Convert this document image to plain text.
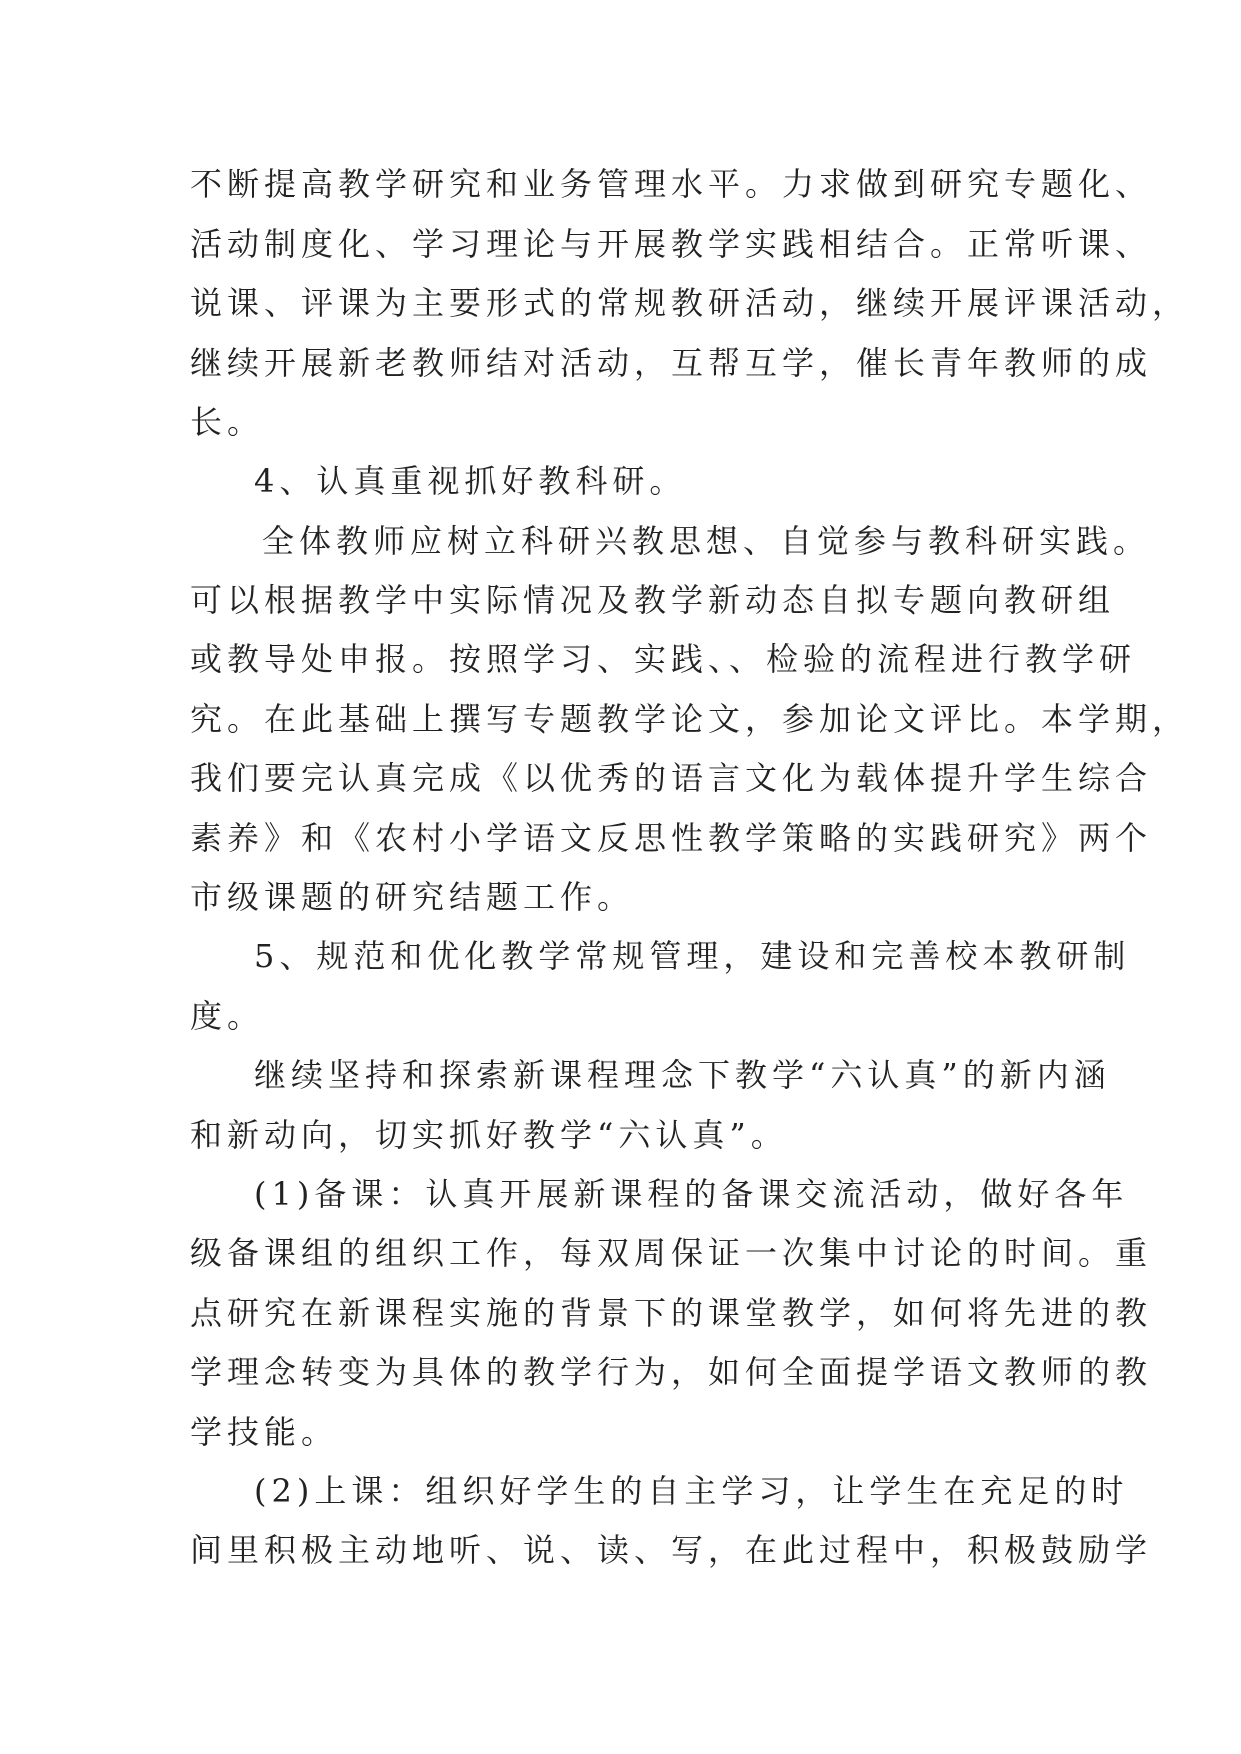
不断提高教学研究和业务管理水平。力求做到研究专题化、
活动制度化、学习理论与开展教学实践相结合。正常听课、
说课、评课为主要形式的常规教研活动，继续开展评课活动，
继续开展新老教师结对活动，互帮互学，催长青年教师的成
长。
4、认真重视抓好教科研。
全体教师应树立科研兴教思想、自觉参与教科研实践。
可以根据教学中实际情况及教学新动态自拟专题向教研组
或教导处申报。按照学习、实践、、检验的流程进行教学研
究。在此基础上撰写专题教学论文，参加论文评比。本学期，
我们要完认真完成《以优秀的语言文化为载体提升学生综合
素养》和《农村小学语文反思性教学策略的实践研究》两个
市级课题的研究结题工作。
5、规范和优化教学常规管理，建设和完善校本教研制
度。
继续坚持和探索新课程理念下教学“六认真”的新内涵
和新动向，切实抓好教学“六认真”。
(1)备课：认真开展新课程的备课交流活动，做好各年
级备课组的组织工作，每双周保证一次集中讨论的时间。重
点研究在新课程实施的背景下的课堂教学，如何将先进的教
学理念转变为具体的教学行为，如何全面提学语文教师的教
学技能。
(2)上课：组织好学生的自主学习，让学生在充足的时
间里积极主动地听、说、读、写，在此过程中，积极鼓励学
